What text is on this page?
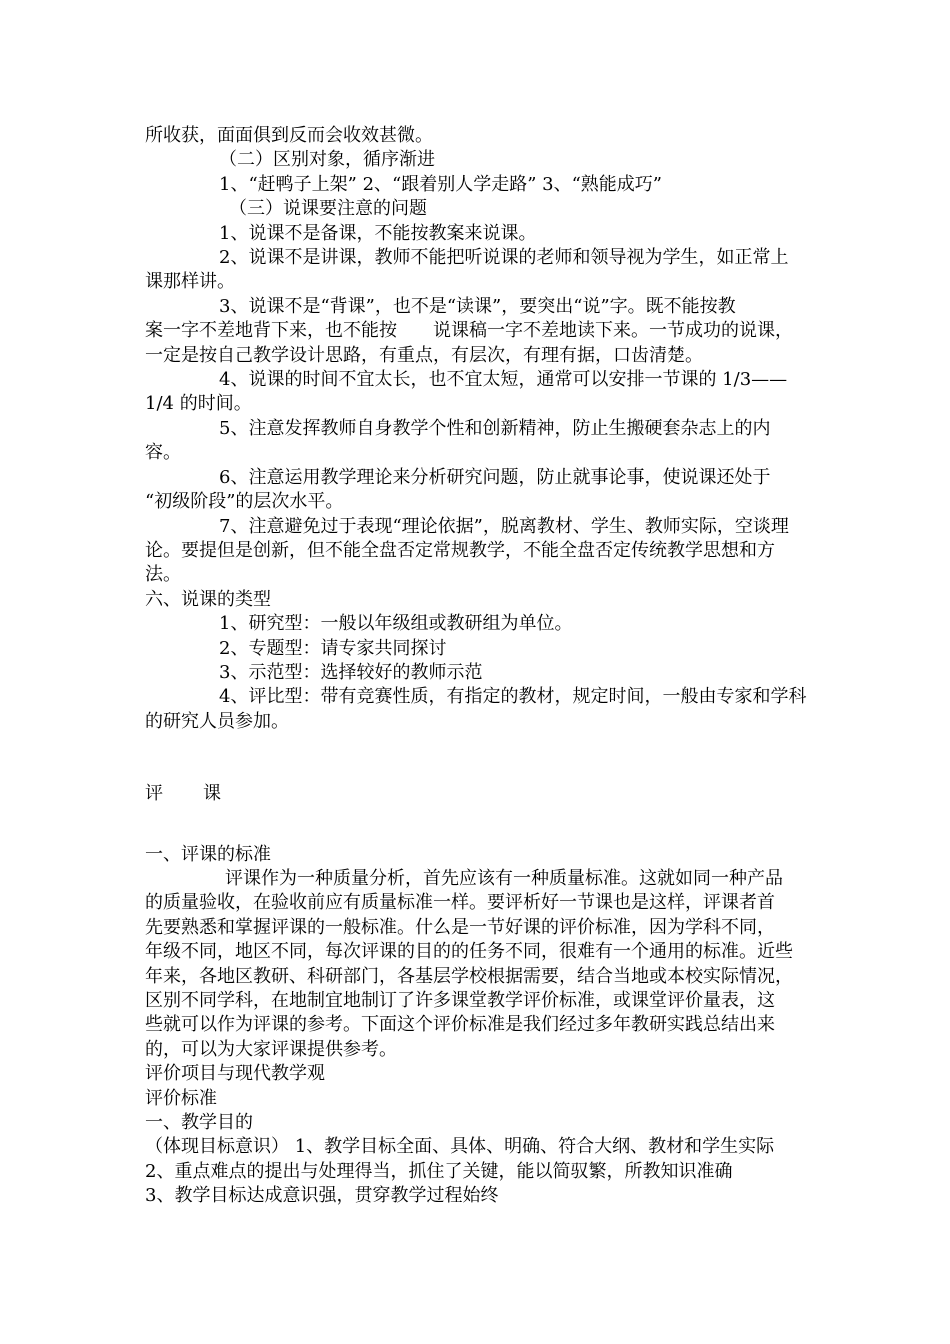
所收获，面面俱到反而会收效甚微。
（二）区别对象，循序渐进
1、“赶鸭子上架” 2、“跟着别人学走路” 3、“熟能成巧”
（三）说课要注意的问题
1、说课不是备课，不能按教案来说课。
2、说课不是讲课，教师不能把听说课的老师和领导视为学生，如正常上
课那样讲。
3、说课不是“背课”，也不是“读课”，要突出“说”字。既不能按教
案一字不差地背下来，也不能按　　说课稿一字不差地读下来。一节成功的说课，
一定是按自己教学设计思路，有重点，有层次，有理有据，口齿清楚。
4、说课的时间不宜太长，也不宜太短，通常可以安排一节课的 1/3——
1/4 的时间。
5、注意发挥教师自身教学个性和创新精神，防止生搬硬套杂志上的内
容。
6、注意运用教学理论来分析研究问题，防止就事论事，使说课还处于
“初级阶段”的层次水平。
7、注意避免过于表现“理论依据”，脱离教材、学生、教师实际，空谈理
论。要提但是创新，但不能全盘否定常规教学，不能全盘否定传统教学思想和方
法。
六、说课的类型
1、研究型：一般以年级组或教研组为单位。
2、专题型：请专家共同探讨
3、示范型：选择较好的教师示范
4、评比型：带有竞赛性质，有指定的教材，规定时间，一般由专家和学科
的研究人员参加。
评 课
一、评课的标准
评课作为一种质量分析，首先应该有一种质量标准。这就如同一种产品
的质量验收，在验收前应有质量标准一样。要评析好一节课也是这样，评课者首
先要熟悉和掌握评课的一般标准。什么是一节好课的评价标准，因为学科不同，
年级不同，地区不同，每次评课的目的的任务不同，很难有一个通用的标准。近些
年来，各地区教研、科研部门，各基层学校根据需要，结合当地或本校实际情况，
区别不同学科，在地制宜地制订了许多课堂教学评价标准，或课堂评价量表，这
些就可以作为评课的参考。下面这个评价标准是我们经过多年教研实践总结出来
的，可以为大家评课提供参考。
评价项目与现代教学观
评价标准
一、教学目的
（体现目标意识） 1、教学目标全面、具体、明确、符合大纲、教材和学生实际
2、重点难点的提出与处理得当，抓住了关键，能以简驭繁，所教知识准确
3、教学目标达成意识强，贯穿教学过程始终
